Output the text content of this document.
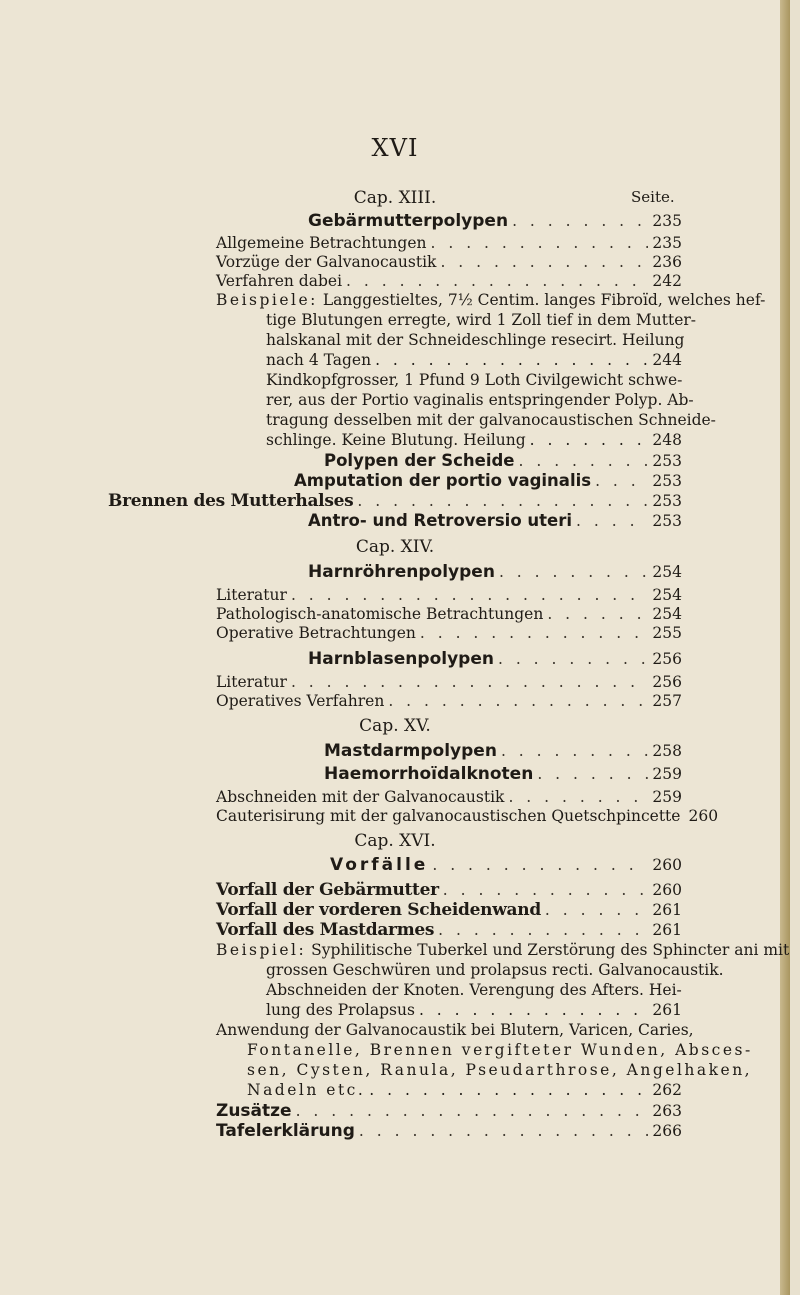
XVI
Cap. XIII.	Seite.
Gebärmutterpolypen . . .	235
Allgemeine Betrachtungen . . .	235
Vorzüge der Galvanocaustik . . .	236
Verfahren dabei . . .	242
Beispiele: Langgestieltes, 7½ Centim. langes Fibroïd, welches hef-
tige Blutungen erregte, wird 1 Zoll tief in dem Mutter-
halskanal mit der Schneideschlinge resecirt. Heilung
nach 4 Tagen . . .	244
Kindkopfgrosser, 1 Pfund 9 Loth Civilgewicht schwe-
rer, aus der Portio vaginalis entspringender Polyp. Ab-
tragung desselben mit der galvanocaustischen Schneide-
schlinge. Keine Blutung. Heilung . . .	248
Polypen der Scheide . . .	253
Amputation der portio vaginalis . . .	253
Brennen des Mutterhalses . . .	253
Antro- und Retroversio uteri . . .	253
Cap. XIV.
Harnröhrenpolypen . . .	254
Literatur . . .	254
Pathologisch-anatomische Betrachtungen . . .	254
Operative Betrachtungen . . .	255
Harnblasenpolypen . . .	256
Literatur . . .	256
Operatives Verfahren . . .	257
Cap. XV.
Mastdarmpolypen . . .	258
Haemorrhoïdalknoten . . .	259
Abschneiden mit der Galvanocaustik . . .	259
Cauterisirung mit der galvanocaustischen Quetschpincette . . . 260
Cap. XVI.
Vorfälle . . .	260
Vorfall der Gebärmutter . . .	260
Vorfall der vorderen Scheidenwand . . .	261
Vorfall des Mastdarmes . . .	261
Beispiel: Syphilitische Tuberkel und Zerstörung des Sphincter ani mit
grossen Geschwüren und prolapsus recti. Galvanocaustik.
Abschneiden der Knoten. Verengung des Afters. Hei-
lung des Prolapsus . . .	261
Anwendung der Galvanocaustik bei Blutern, Varicen, Caries,
Fontanelle, Brennen vergifteter Wunden, Absces-
sen, Cysten, Ranula, Pseudarthrose, Angelhaken,
Nadeln etc. . . .	262
Zusätze . . .	263
Tafelerklärung . . .	266
